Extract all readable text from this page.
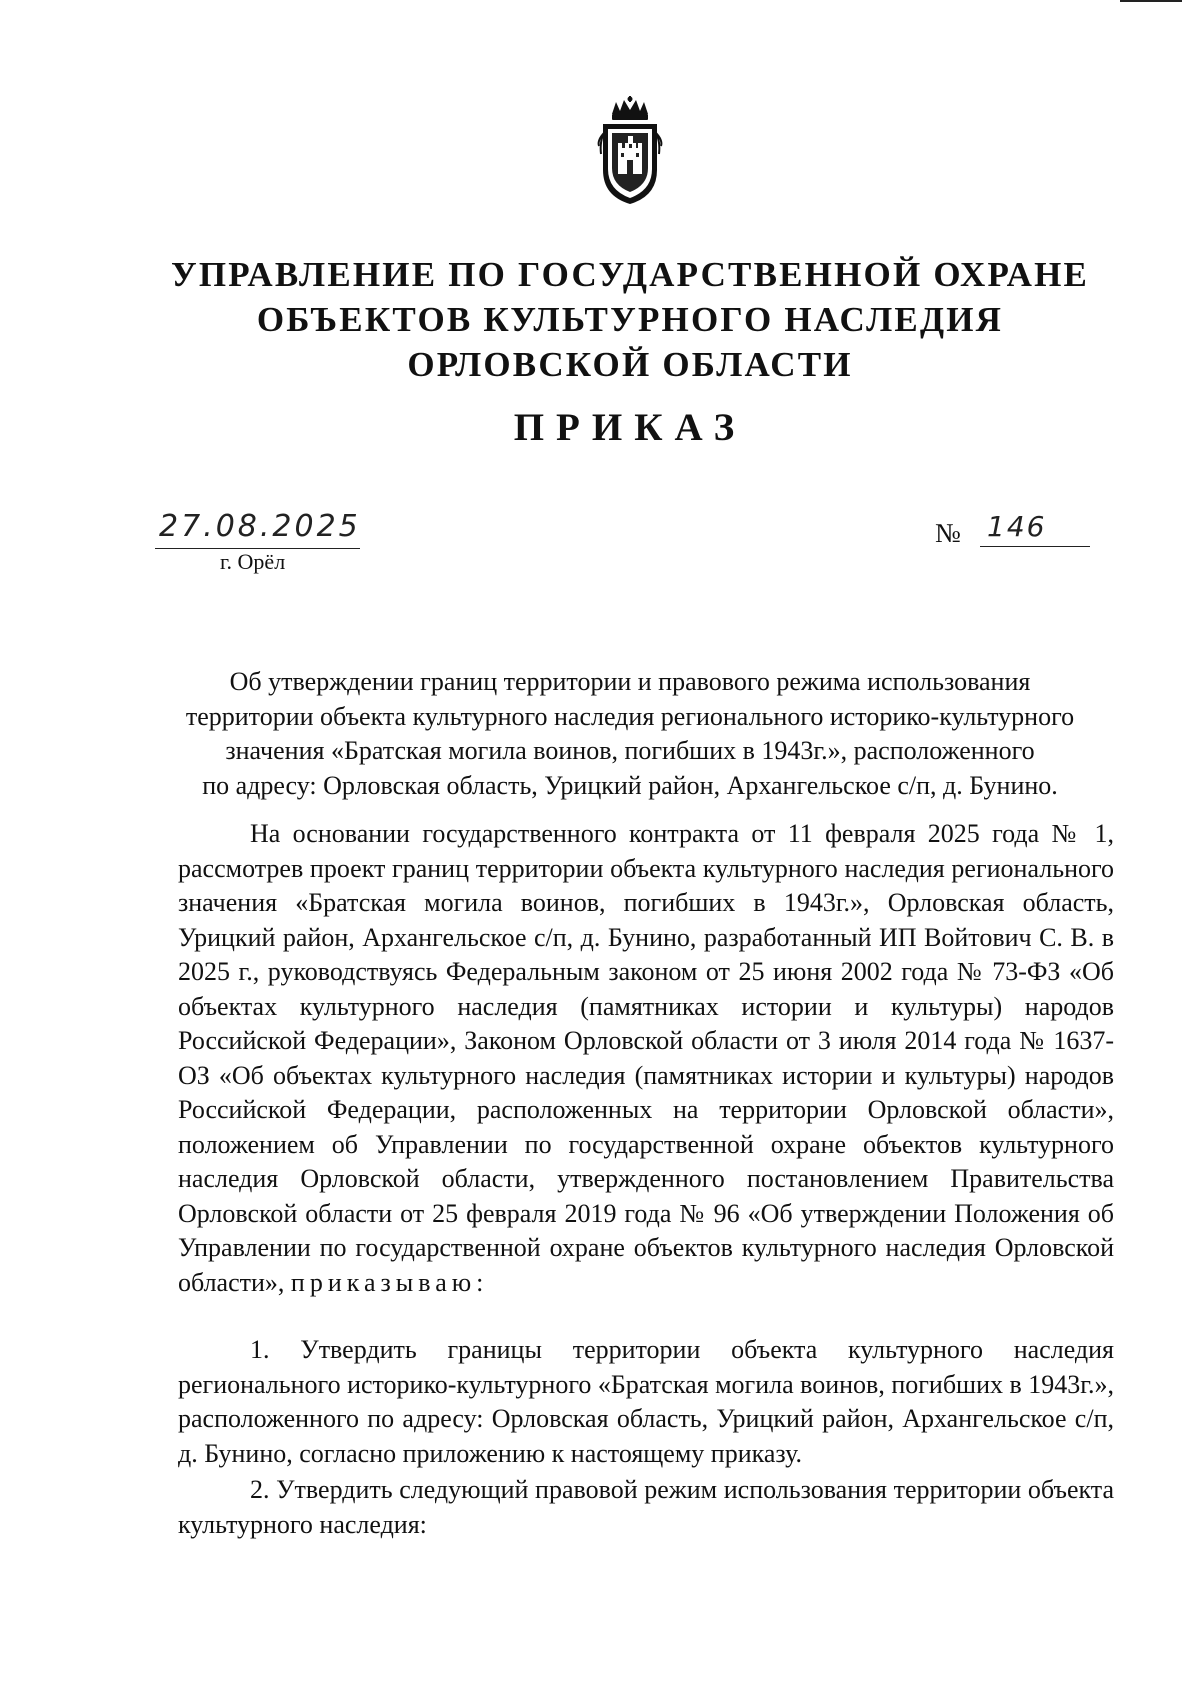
УПРАВЛЕНИЕ ПО ГОСУДАРСТВЕННОЙ ОХРАНЕ
ОБЪЕКТОВ КУЛЬТУРНОГО НАСЛЕДИЯ
ОРЛОВСКОЙ ОБЛАСТИ
ПРИКАЗ
27.08.2025
г. Орёл
№ 146
Об утверждении границ территории и правового режима использования
территории объекта культурного наследия регионального историко-культурного
значения «Братская могила воинов, погибших в 1943г.», расположенного
по адресу: Орловская область, Урицкий район, Архангельское с/п, д. Бунино.

На основании государственного контракта от 11 февраля 2025 года № 1, рассмотрев проект границ территории объекта культурного наследия регионального значения «Братская могила воинов, погибших в 1943г.», Орловская область, Урицкий район, Архангельское с/п, д. Бунино, разработанный ИП Войтович С. В. в 2025 г., руководствуясь Федеральным законом от 25 июня 2002 года № 73-ФЗ «Об объектах культурного наследия (памятниках истории и культуры) народов Российской Федерации», Законом Орловской области от 3 июля 2014 года № 1637-ОЗ «Об объектах культурного наследия (памятниках истории и культуры) народов Российской Федерации, расположенных на территории Орловской области», положением об Управлении по государственной охране объектов культурного наследия Орловской области, утвержденного постановлением Правительства Орловской области от 25 февраля 2019 года № 96 «Об утверждении Положения об Управлении по государственной охране объектов культурного наследия Орловской области», приказываю:

1. Утвердить границы территории объекта культурного наследия регионального историко-культурного «Братская могила воинов, погибших в 1943г.», расположенного по адресу: Орловская область, Урицкий район, Архангельское с/п, д. Бунино, согласно приложению к настоящему приказу.

2. Утвердить следующий правовой режим использования территории объекта культурного наследия:
